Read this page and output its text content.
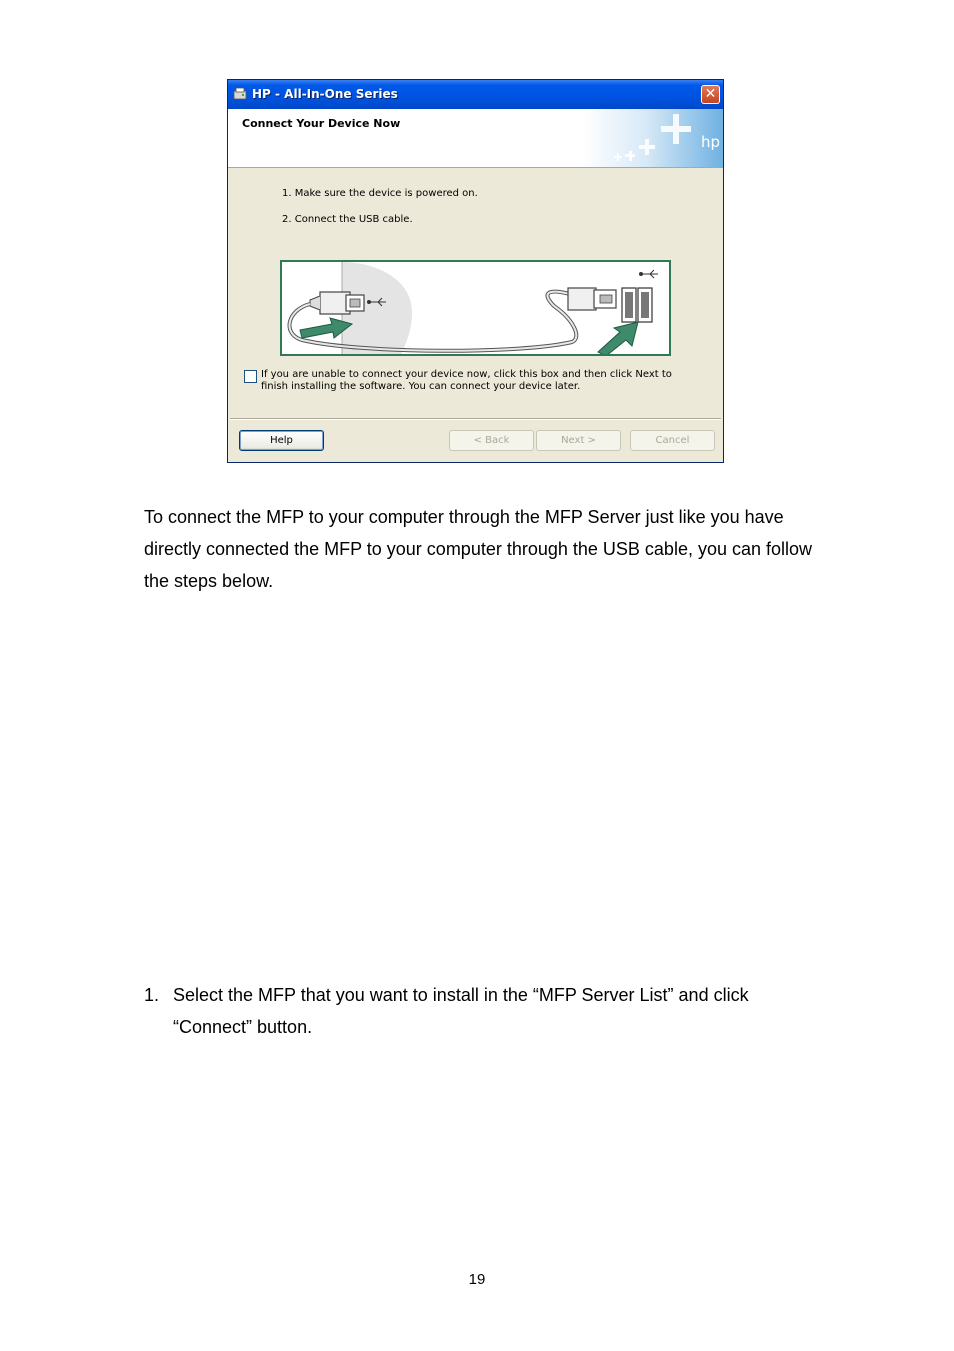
HP - All-In-One Series	✕
Connect Your Device Now
hp
1. Make sure the device is powered on.
2. Connect the USB cable.
If you are unable to connect your device now, click this box and then click Next to finish installing the software. You can connect your device later.
Help	< Back	Next >	Cancel
To connect the MFP to your computer through the MFP Server just like you have directly connected the MFP to your computer through the USB cable, you can follow the steps below.
1. Select the MFP that you want to install in the “MFP Server List” and click “Connect” button.
19
